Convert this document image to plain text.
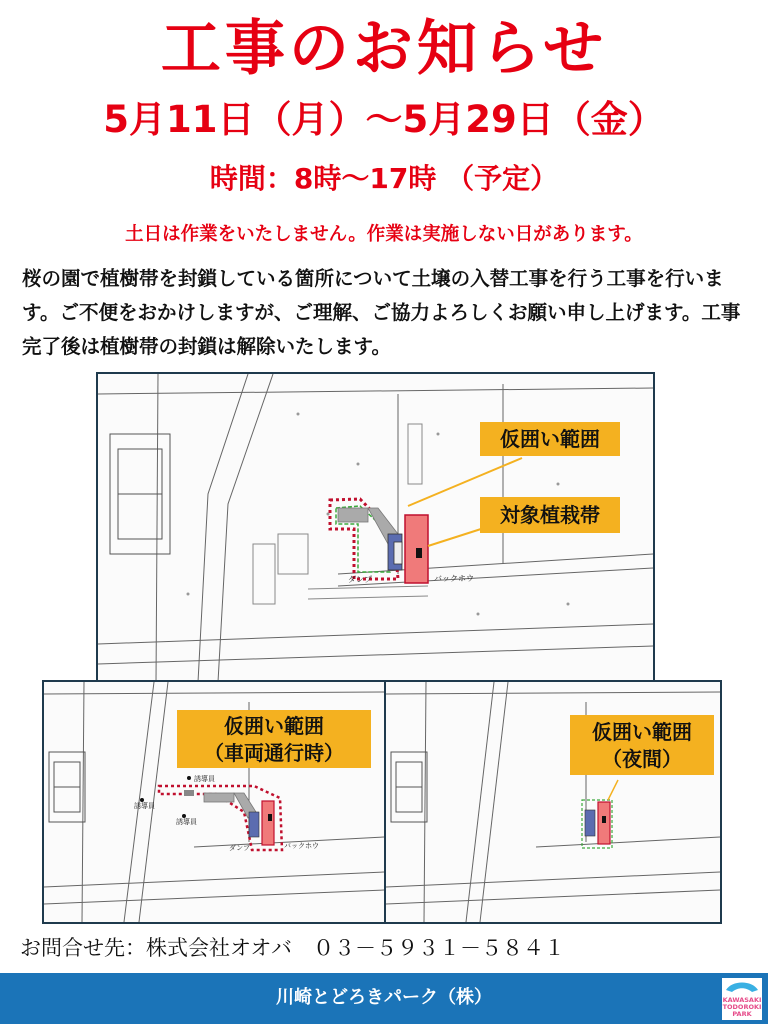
工事のお知らせ
5月11日（月）～5月29日（金）
時間：8時～17時 （予定）
土日は作業をいたしません。作業は実施しない日があります。
桜の園で植樹帯を封鎖している箇所について土壌の入替工事を行う工事を行います。ご不便をおかけしますが、ご理解、ご協力よろしくお願い申し上げます。工事完了後は植樹帯の封鎖は解除いたします。
ダンプ	バックホウ
仮囲い範囲
対象植栽帯
誘導員
誘導員
誘導員
ダンプ	バックホウ
仮囲い範囲
（車両通行時）
仮囲い範囲
（夜間）
お問合せ先：株式会社オオバ　０３－５９３１－５８４１
川崎とどろきパーク（株）	KAWASAKI
TODOROKI
PARK
